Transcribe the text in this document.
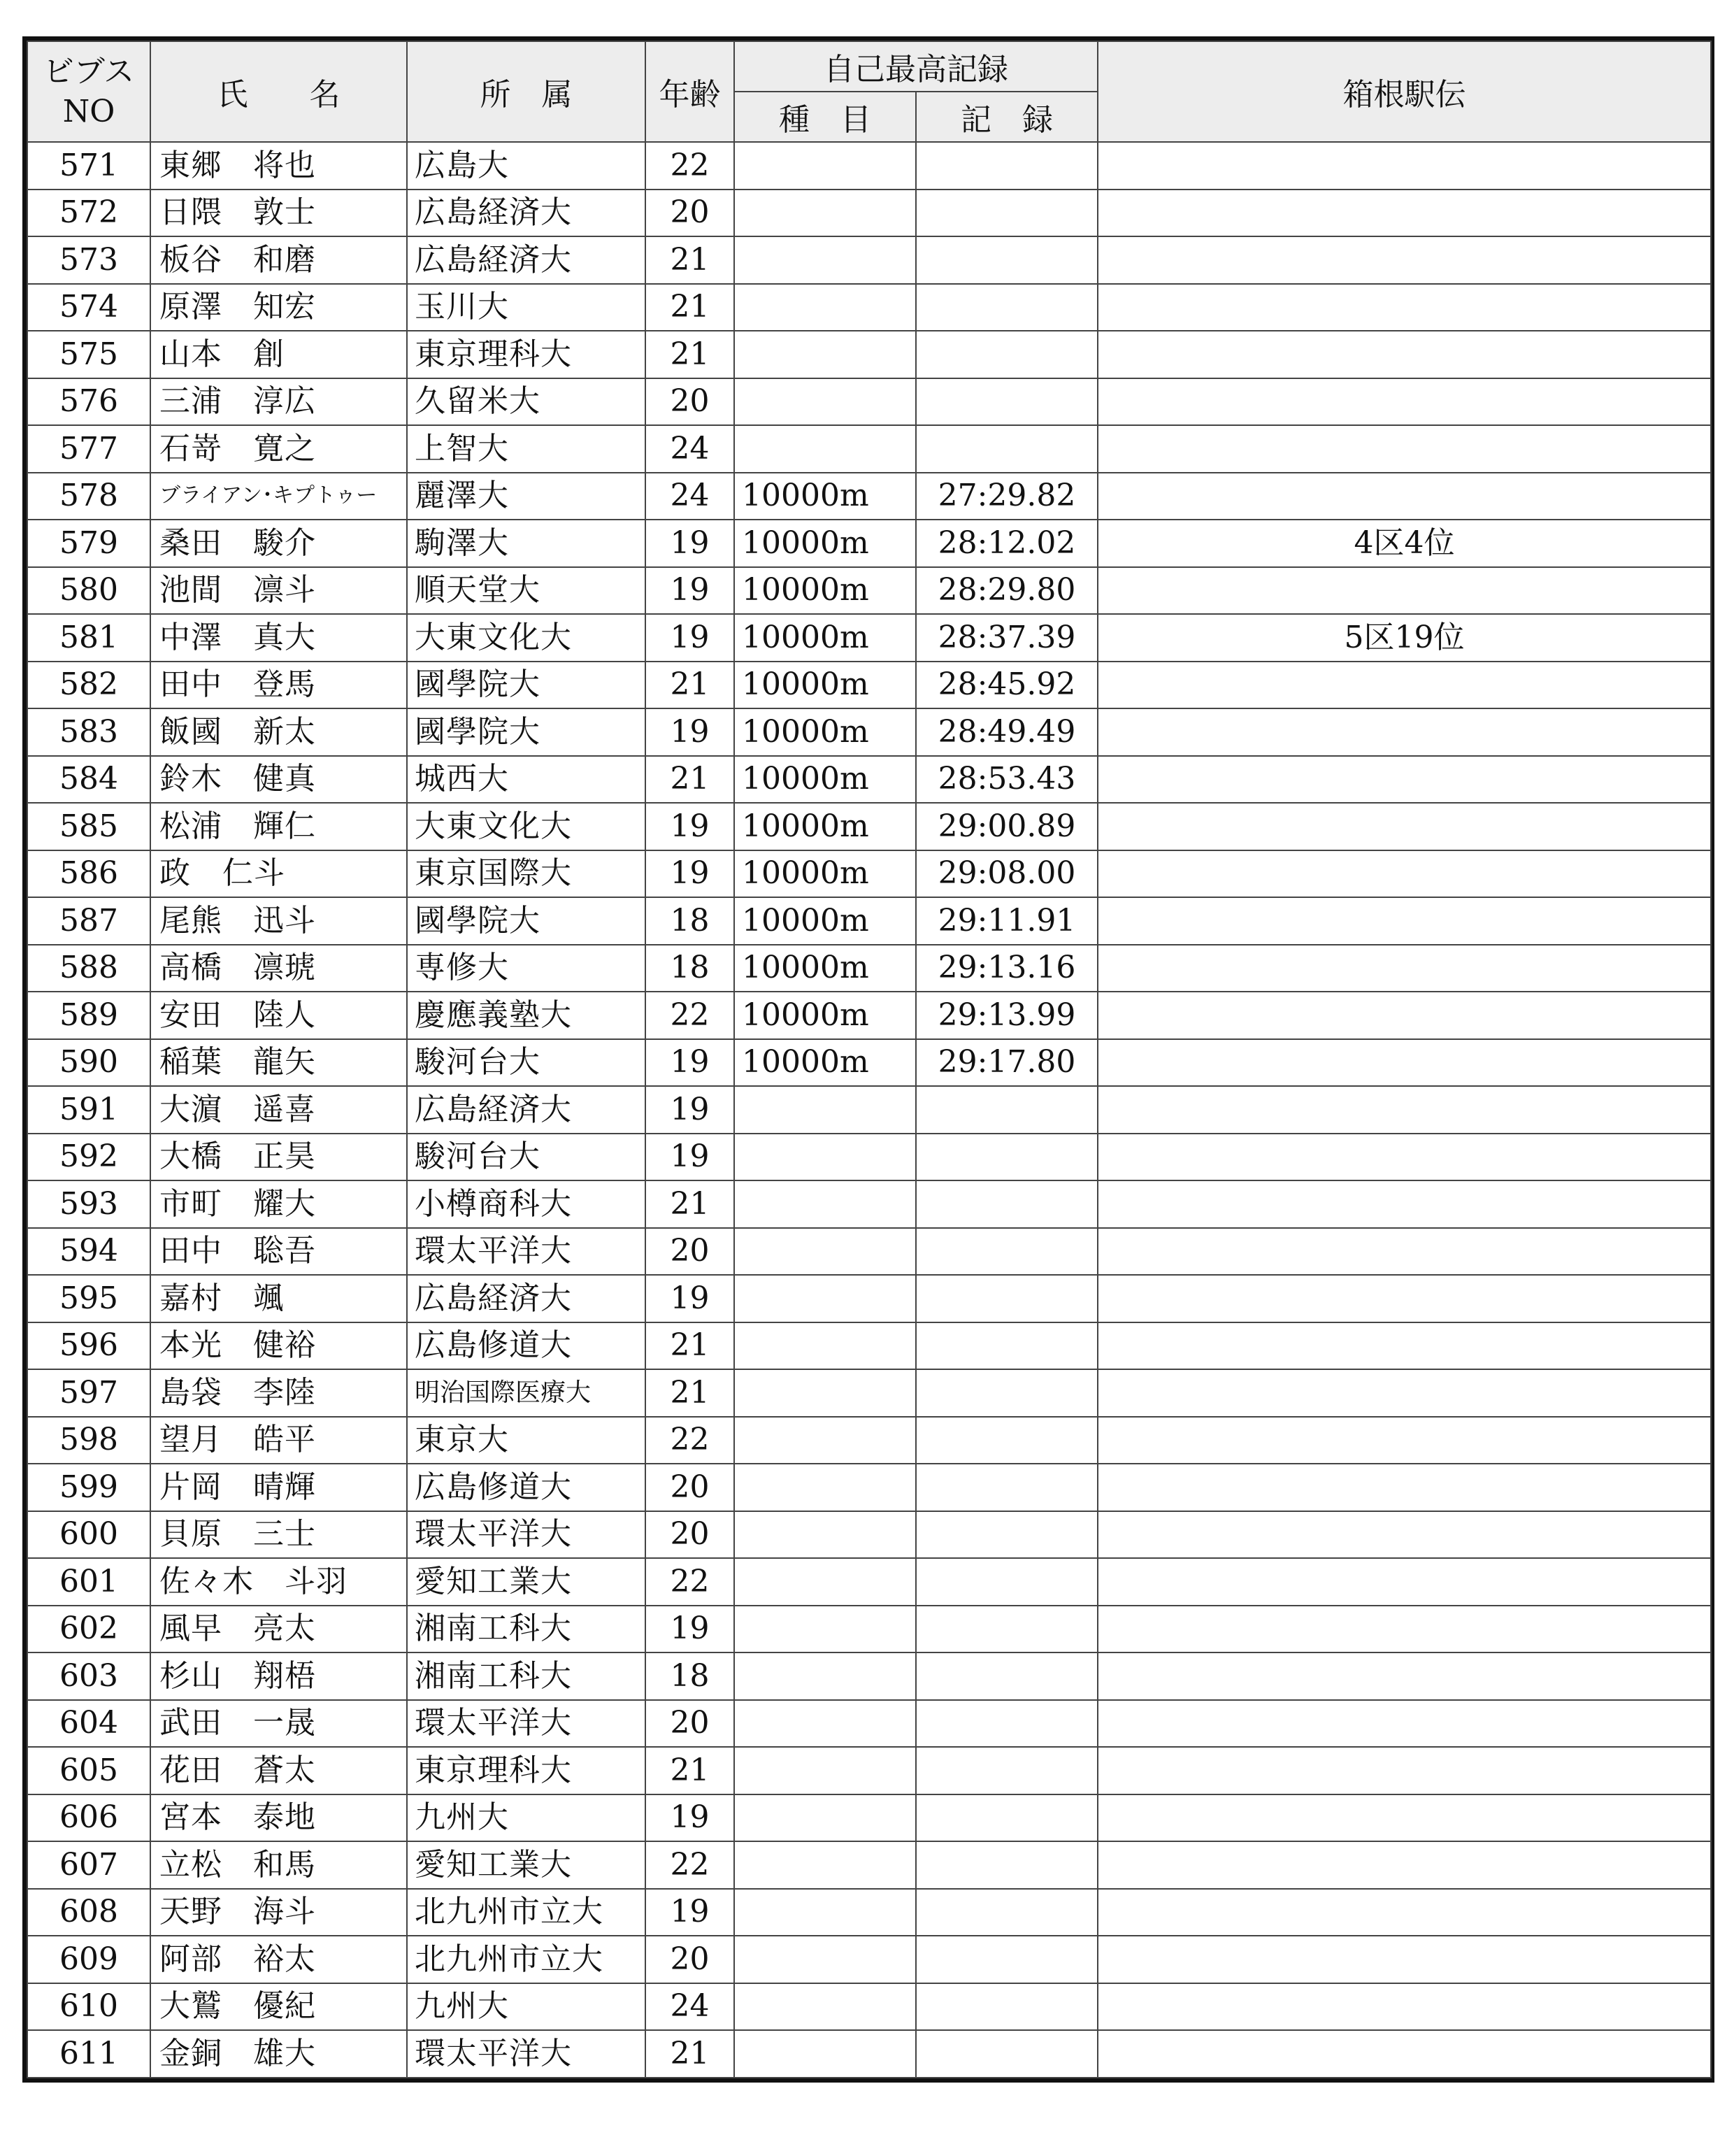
ビブス
NO	氏　　名	所　属	年齢	自己最高記録		箱根駅伝
				種　目	記　録	
571	東郷 将也	広島大	22			
572	日隈 敦士	広島経済大	20			
573	板谷 和磨	広島経済大	21			
574	原澤 知宏	玉川大	21			
575	山本 創	東京理科大	21			
576	三浦 淳広	久留米大	20			
577	石嵜 寛之	上智大	24			
578	ブライアン･キプトゥー	麗澤大	24	10000m	27:29.82	
579	桑田 駿介	駒澤大	19	10000m	28:12.02	4区4位
580	池間 凛斗	順天堂大	19	10000m	28:29.80	
581	中澤 真大	大東文化大	19	10000m	28:37.39	5区19位
582	田中 登馬	國學院大	21	10000m	28:45.92	
583	飯國 新太	國學院大	19	10000m	28:49.49	
584	鈴木 健真	城西大	21	10000m	28:53.43	
585	松浦 輝仁	大東文化大	19	10000m	29:00.89	
586	政　仁斗	東京国際大	19	10000m	29:08.00	
587	尾熊 迅斗	國學院大	18	10000m	29:11.91	
588	高橋 凛琥	専修大	18	10000m	29:13.16	
589	安田 陸人	慶應義塾大	22	10000m	29:13.99	
590	稲葉 龍矢	駿河台大	19	10000m	29:17.80	
591	大濵 遥喜	広島経済大	19			
592	大橋 正昊	駿河台大	19			
593	市町 耀大	小樽商科大	21			
594	田中 聡吾	環太平洋大	20			
595	嘉村 颯	広島経済大	19			
596	本光 健裕	広島修道大	21			
597	島袋 李陸	明治国際医療大	21			
598	望月 皓平	東京大	22			
599	片岡 晴輝	広島修道大	20			
600	貝原 三士	環太平洋大	20			
601	佐々木 斗羽	愛知工業大	22			
602	風早 亮太	湘南工科大	19			
603	杉山 翔梧	湘南工科大	18			
604	武田 一晟	環太平洋大	20			
605	花田 蒼太	東京理科大	21			
606	宮本 泰地	九州大	19			
607	立松 和馬	愛知工業大	22			
608	天野 海斗	北九州市立大	19			
609	阿部 裕太	北九州市立大	20			
610	大鷲 優紀	九州大	24			
611	金銅 雄大	環太平洋大	21			
